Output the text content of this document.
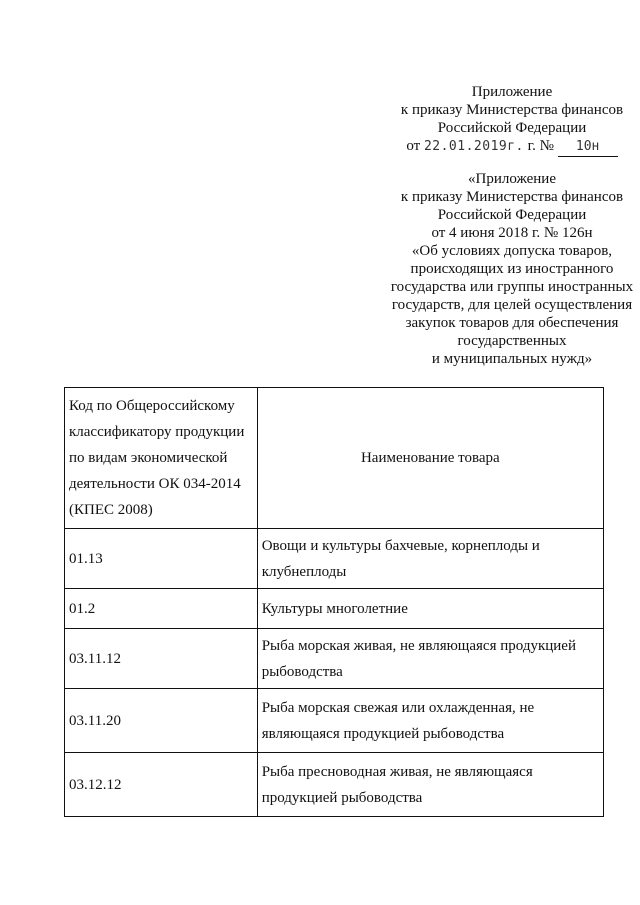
Приложение
к приказу Министерства финансов
Российской Федерации
от 22.01.2019г. г. № 10н
«Приложение
к приказу Министерства финансов
Российской Федерации
от 4 июня 2018 г. № 126н
«Об условиях допуска товаров,
происходящих из иностранного
государства или группы иностранных
государств, для целей осуществления
закупок товаров для обеспечения
государственных
и муниципальных нужд»
Код по Общероссийскому
классификатору продукции
по видам экономической
деятельности ОК 034-2014
(КПЕС 2008)	Наименование товара
01.13	Овощи и культуры бахчевые, корнеплоды и
клубнеплоды

01.2	Культуры многолетние

03.11.12	Рыба морская живая, не являющаяся продукцией
рыбоводства

03.11.20	Рыба морская свежая или охлажденная, не
являющаяся продукцией рыбоводства

03.12.12	Рыба пресноводная живая, не являющаяся
продукцией рыбоводства
